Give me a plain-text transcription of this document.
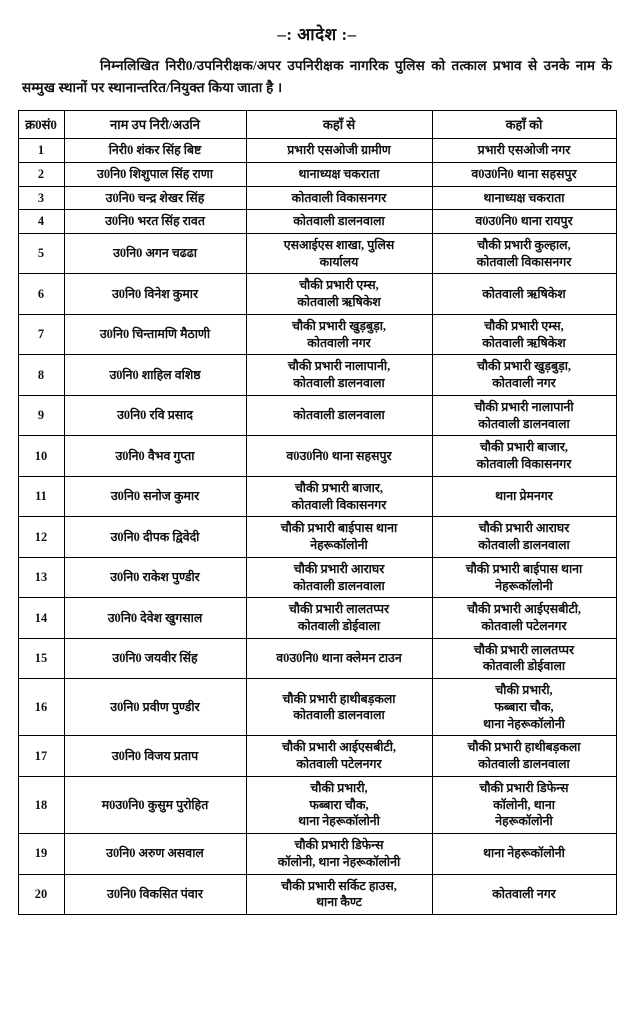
–: आदेश :–
निम्नलिखित निरी0/उपनिरीक्षक/अपर उपनिरीक्षक नागरिक पुलिस को तत्काल प्रभाव से उनके नाम के सम्मुख स्थानों पर स्थानान्तरित/नियुक्त किया जाता है ।
क्र0सं0	नाम उप निरी/अउनि	कहाँ से	कहाँ को
1	निरी0 शंकर सिंह बिष्ट	प्रभारी एसओजी ग्रामीण	प्रभारी एसओजी नगर

2	उ0नि0 शिशुपाल सिंह राणा	थानाध्यक्ष चकराता	व0उ0नि0 थाना सहसपुर

3	उ0नि0 चन्द्र शेखर सिंह	कोतवाली विकासनगर	थानाध्यक्ष चकराता

4	उ0नि0 भरत सिंह रावत	कोतवाली डालनवाला	व0उ0नि0 थाना रायपुर

5	उ0नि0 अगन चढढा	एसआईएस शाखा, पुलिस
कार्यालय	चौकी प्रभारी कुल्हाल,
कोतवाली विकासनगर

6	उ0नि0 विनेश कुमार	चौकी प्रभारी एम्स,
कोतवाली ऋषिकेश	कोतवाली ऋषिकेश

7	उ0नि0 चिन्तामणि मैठाणी	चौकी प्रभारी खुड़बुड़ा,
कोतवाली नगर	चौकी प्रभारी एम्स,
कोतवाली ऋषिकेश

8	उ0नि0 शाहिल वशिष्ठ	चौकी प्रभारी नालापानी,
कोतवाली डालनवाला	चौकी प्रभारी खुड़बुड़ा,
कोतवाली नगर

9	उ0नि0 रवि प्रसाद	कोतवाली डालनवाला	चौकी प्रभारी नालापानी
कोतवाली डालनवाला

10	उ0नि0 वैभव गुप्ता	व0उ0नि0 थाना सहसपुर	चौकी प्रभारी बाजार,
कोतवाली विकासनगर

11	उ0नि0 सनोज कुमार	चौकी प्रभारी बाजार,
कोतवाली विकासनगर	थाना प्रेमनगर

12	उ0नि0 दीपक द्विवेदी	चौकी प्रभारी बाईपास थाना
नेहरूकॉलोनी	चौकी प्रभारी आराघर
कोतवाली डालनवाला

13	उ0नि0 राकेश पुण्डीर	चौकी प्रभारी आराघर
कोतवाली डालनवाला	चौकी प्रभारी बाईपास थाना
नेहरूकॉलोनी

14	उ0नि0 देवेश खुगसाल	चौकी प्रभारी लालतप्पर
कोतवाली डोईवाला	चौकी प्रभारी आईएसबीटी,
कोतवाली पटेलनगर

15	उ0नि0 जयवीर सिंह	व0उ0नि0 थाना क्लेमन टाउन	चौकी प्रभारी लालतप्पर
कोतवाली डोईवाला

16	उ0नि0 प्रवीण पुण्डीर	चौकी प्रभारी हाथीबड़कला
कोतवाली डालनवाला	चौकी प्रभारी,
फब्बारा चौक,
थाना नेहरूकॉलोनी

17	उ0नि0 विजय प्रताप	चौकी प्रभारी आईएसबीटी,
कोतवाली पटेलनगर	चौकी प्रभारी हाथीबड़कला
कोतवाली डालनवाला

18	म0उ0नि0 कुसुम पुरोहित	चौकी प्रभारी,
फब्बारा चौक,
थाना नेहरूकॉलोनी	चौकी प्रभारी डिफेन्स
कॉलोनी, थाना
नेहरूकॉलोनी

19	उ0नि0 अरुण असवाल	चौकी प्रभारी डिफेन्स
कॉलोनी, थाना नेहरूकॉलोनी	थाना नेहरूकॉलोनी

20	उ0नि0 विकसित पंवार	चौकी प्रभारी सर्किट हाउस,
थाना कैण्ट	कोतवाली नगर
